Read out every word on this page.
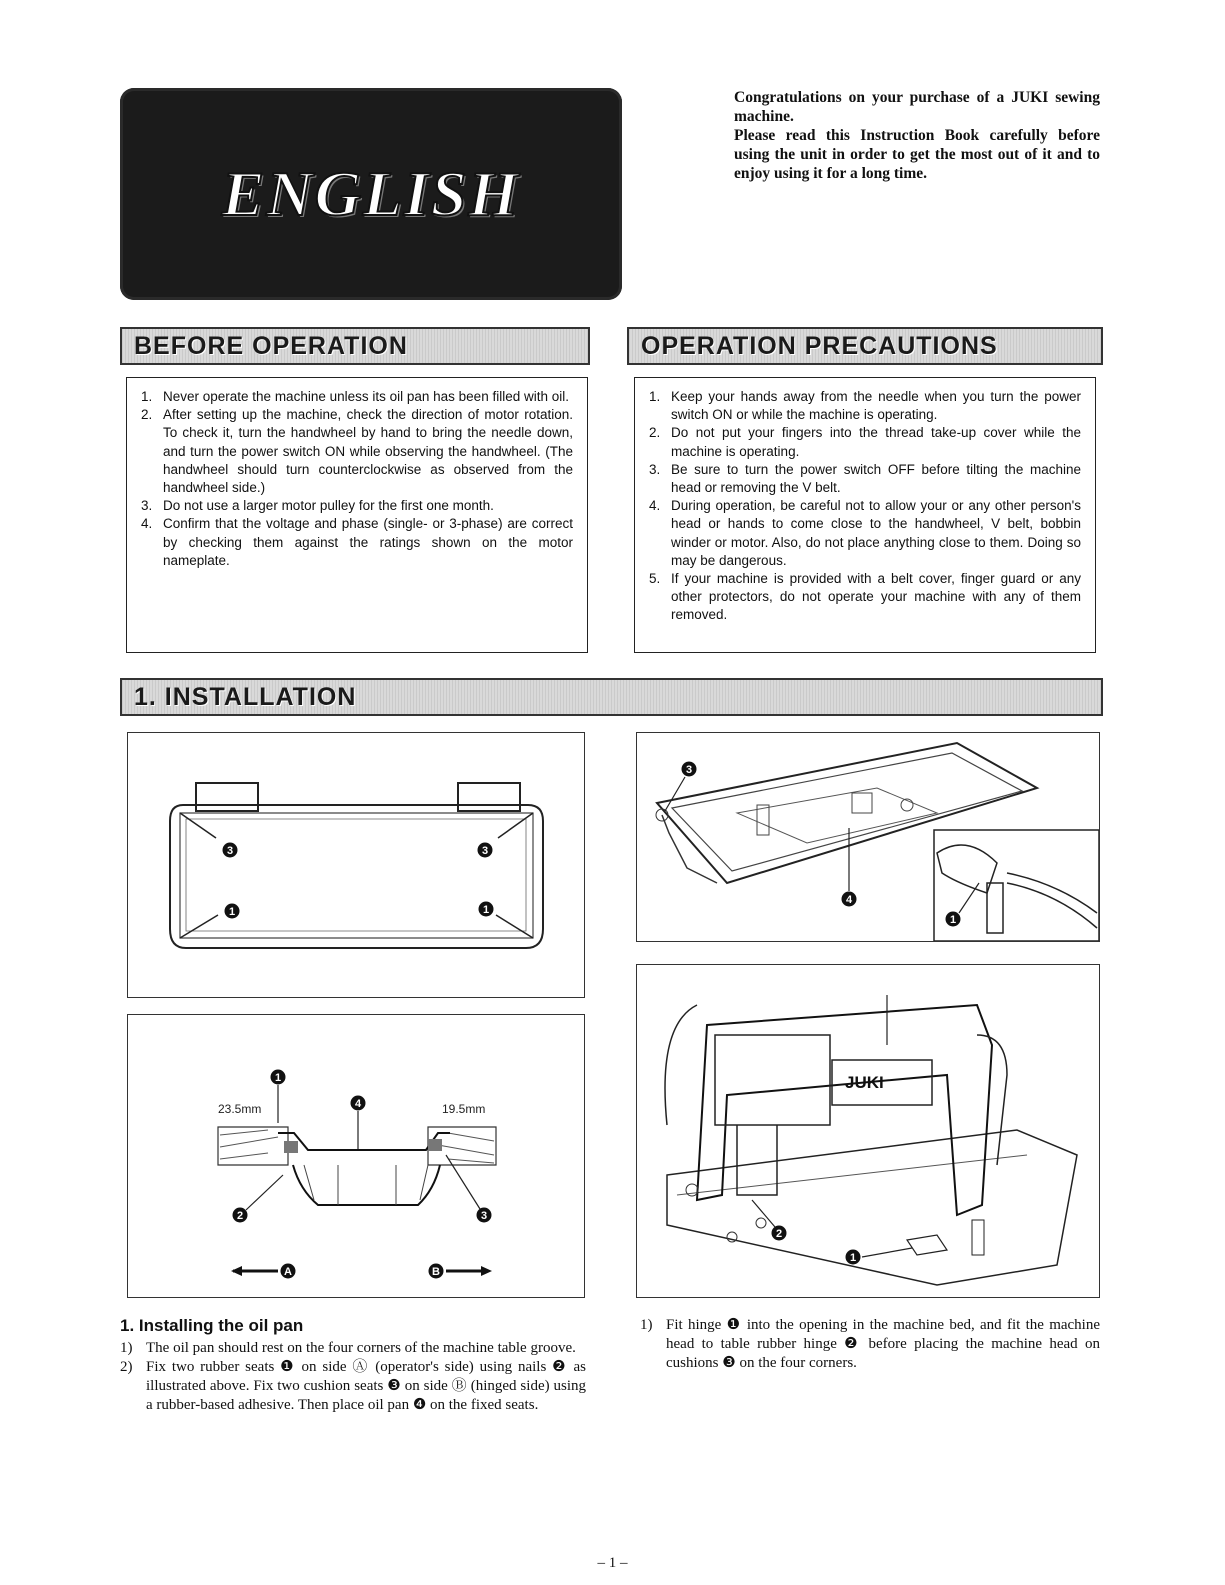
ENGLISH

Congratulations on your purchase of a JUKI sewing machine.

Please read this Instruction Book carefully before using the unit in order to get the most out of it and to enjoy using it for a long time.

BEFORE OPERATION
1. Never operate the machine unless its oil pan has been filled with oil.
2. After setting up the machine, check the direction of motor rotation. To check it, turn the handwheel by hand to bring the needle down, and turn the power switch ON while observing the handwheel. (The handwheel should turn counterclockwise as observed from the handwheel side.)
3. Do not use a larger motor pulley for the first one month.
4. Confirm that the voltage and phase (single- or 3-phase) are correct by checking them against the ratings shown on the motor nameplate.
OPERATION PRECAUTIONS
1. Keep your hands away from the needle when you turn the power switch ON or while the machine is operating.
2. Do not put your fingers into the thread take-up cover while the machine is operating.
3. Be sure to turn the power switch OFF before tilting the machine head or removing the V belt.
4. During operation, be careful not to allow your or any other person's head or hands to come close to the handwheel, V belt, bobbin winder or motor. Also, do not place anything close to them. Doing so may be dangerous.
5. If your machine is provided with a belt cover, finger guard or any other protectors, do not operate your machine with any of them removed.
1. INSTALLATION
3	3
1	1
1
23.5mm	4	19.5mm
2	3
A	B
3
4
1
JUKI
2
1
1. Installing the oil pan
1) The oil pan should rest on the four corners of the machine table groove.
2) Fix two rubber seats ❶ on side Ⓐ (operator's side) using nails ❷ as illustrated above. Fix two cushion seats ❸ on side Ⓑ (hinged side) using a rubber-based adhesive. Then place oil pan ❹ on the fixed seats.
1) Fit hinge ❶ into the opening in the machine bed, and fit the machine head to table rubber hinge ❷ before placing the machine head on cushions ❸ on the four corners.
– 1 –
